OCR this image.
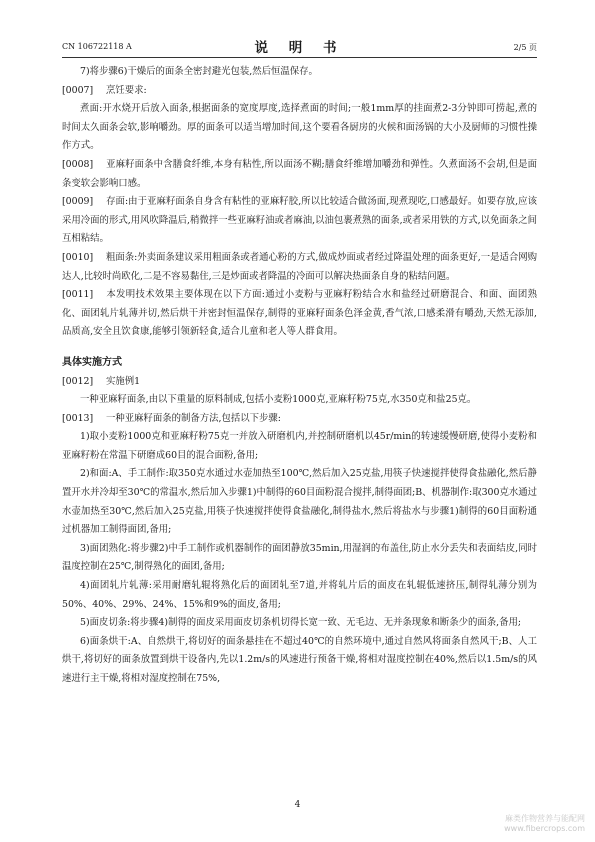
CN 106722118 A	说 明 书	2/5 页

7)将步骤6)干燥后的面条全密封避光包装,然后恒温保存。

[0007] 烹饪要求:

煮面:开水烧开后放入面条,根据面条的宽度厚度,选择煮面的时间;一般1mm厚的挂面煮2-3分钟即可捞起,煮的时间太久面条会软,影响嚼劲。厚的面条可以适当增加时间,这个要看各厨房的火候和面汤锅的大小及厨师的习惯性操作方式。

[0008] 亚麻籽面条中含膳食纤维,本身有粘性,所以面汤不糊;膳食纤维增加嚼劲和弹性。久煮面汤不会胡,但是面条变软会影响口感。

[0009] 存面:由于亚麻籽面条自身含有粘性的亚麻籽胶,所以比较适合做汤面,现煮现吃,口感最好。如要存放,应该采用冷面的形式,用风吹降温后,稍微拌一些亚麻籽油或者麻油,以油包裹煮熟的面条,或者采用铁的方式,以免面条之间互相粘结。

[0010] 粗面条:外卖面条建议采用粗面条或者通心粉的方式,做成炒面或者经过降温处理的面条更好,一是适合网购达人,比较时尚欧化,二是不容易黏住,三是炒面或者降温的冷面可以解决热面条自身的粘结问题。

[0011] 本发明技术效果主要体现在以下方面:通过小麦粉与亚麻籽粉结合水和盐经过研磨混合、和面、面团熟化、面团轧片轧薄并切,然后烘干并密封恒温保存,制得的亚麻籽面条色泽金黄,香气浓,口感柔滑有嚼劲,天然无添加,品质高,安全且饮食康,能够引领新轻食,适合儿童和老人等人群食用。

具体实施方式

[0012] 实施例1

一种亚麻籽面条,由以下重量的原料制成,包括小麦粉1000克,亚麻籽粉75克,水350克和盐25克。

[0013] 一种亚麻籽面条的制备方法,包括以下步骤:

1)取小麦粉1000克和亚麻籽粉75克一并放入研磨机内,并控制研磨机以45r/min的转速缓慢研磨,使得小麦粉和亚麻籽粉在常温下研磨成60目的混合面粉,备用;

2)和面:A、手工制作:取350克水通过水壶加热至100℃,然后加入25克盐,用筷子快速搅拌使得食盐融化,然后静置开水并冷却至30℃的常温水,然后加入步骤1)中制得的60目面粉混合搅拌,制得面团;B、机器制作:取300克水通过水壶加热至30℃,然后加入25克盐,用筷子快速搅拌使得食盐融化,制得盐水,然后将盐水与步骤1)制得的60目面粉通过机器加工制得面团,备用;

3)面团熟化:将步骤2)中手工制作或机器制作的面团静放35min,用湿润的布盖住,防止水分丢失和表面结皮,同时温度控制在25℃,制得熟化的面团,备用;

4)面团轧片轧薄:采用耐磨轧辊将熟化后的面团轧至7道,并将轧片后的面皮在轧辊低速挤压,制得轧薄分别为50%、40%、29%、24%、15%和9%的面皮,备用;

5)面皮切条:将步骤4)制得的面皮采用面皮切条机切得长宽一致、无毛边、无并条现象和断条少的面条,备用;

6)面条烘干:A、自然烘干,将切好的面条悬挂在不超过40℃的自然环境中,通过自然风将面条自然风干;B、人工烘干,将切好的面条放置到烘干设备内,先以1.2m/s的风速进行预备干燥,将相对湿度控制在40%,然后以1.5m/s的风速进行主干燥,将相对湿度控制在75%,

4
麻类作物营养与能配网
www.fibercrops.com
